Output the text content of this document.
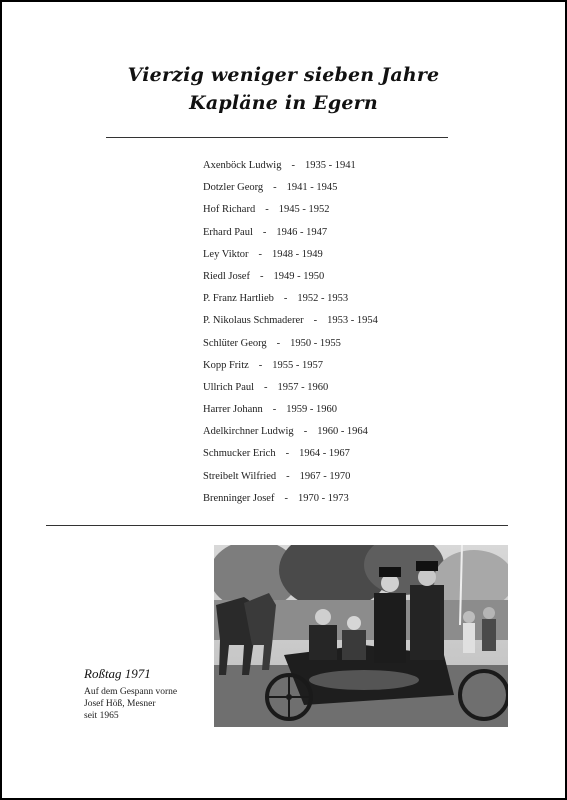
Vierzig weniger sieben Jahre
Kapläne in Egern
Axenböck Ludwig - 1935 - 1941
Dotzler Georg - 1941 - 1945
Hof Richard - 1945 - 1952
Erhard Paul - 1946 - 1947
Ley Viktor - 1948 - 1949
Riedl Josef - 1949 - 1950
P. Franz Hartlieb - 1952 - 1953
P. Nikolaus Schmaderer - 1953 - 1954
Schlüter Georg - 1950 - 1955
Kopp Fritz - 1955 - 1957
Ullrich Paul - 1957 - 1960
Harrer Johann - 1959 - 1960
Adelkirchner Ludwig - 1960 - 1964
Schmucker Erich - 1964 - 1967
Streibelt Wilfried - 1967 - 1970
Brenninger Josef - 1970 - 1973
Roßtag 1971
Auf dem Gespann vorne
Josef Höß, Mesner
seit 1965
